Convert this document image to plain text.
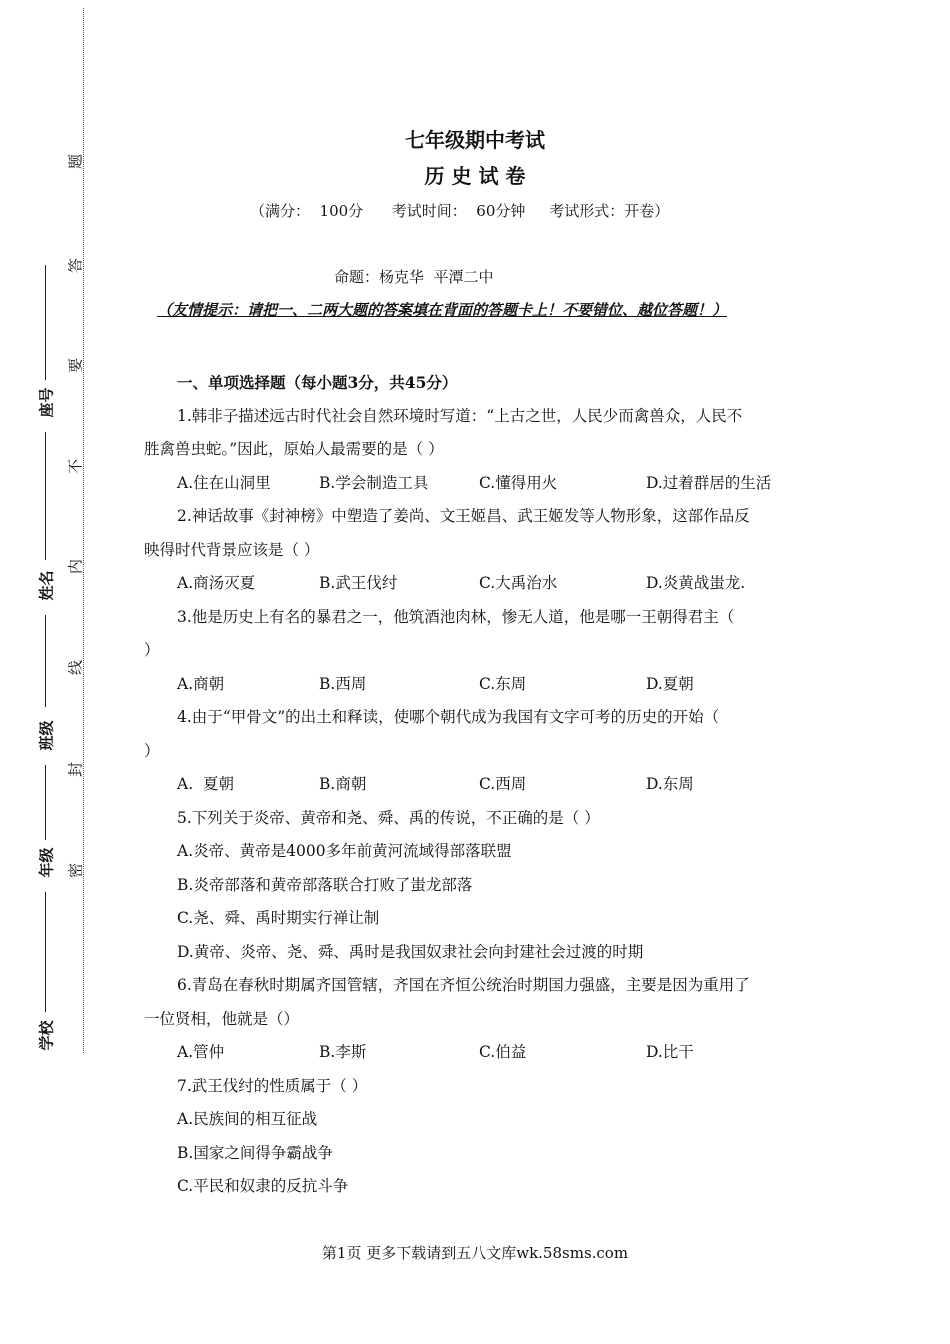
题
答
要
不
内
线
封
密
座号
姓名
班级
年级
学校
七年级期中考试
历 史 试 卷
（满分：  100分      考试时间：  60分钟     考试形式：开卷）
命题：杨克华  平潭二中
（友情提示：请把一、二两大题的答案填在背面的答题卡上！不要错位、越位答题！）
一、单项选择题（每小题3分，共45分）
1.韩非子描述远古时代社会自然环境时写道：“上古之世，人民少而禽兽众，人民不
胜禽兽虫蛇。”因此，原始人最需要的是（ ）
A.住在山洞里	B.学会制造工具	C.懂得用火	D.过着群居的生活
2.神话故事《封神榜》中塑造了姜尚、文王姬昌、武王姬发等人物形象，这部作品反
映得时代背景应该是（ ）
A.商汤灭夏	B.武王伐纣	C.大禹治水	D.炎黄战蚩龙.
3.他是历史上有名的暴君之一，他筑酒池肉林，惨无人道，他是哪一王朝得君主（
）
A.商朝	B.西周	C.东周	D.夏朝
4.由于“甲骨文”的出土和释读，使哪个朝代成为我国有文字可考的历史的开始（
）
A.  夏朝	B.商朝	C.西周	D.东周
5.下列关于炎帝、黄帝和尧、舜、禹的传说，不正确的是（ ）
A.炎帝、黄帝是4000多年前黄河流域得部落联盟
B.炎帝部落和黄帝部落联合打败了蚩龙部落
C.尧、舜、禹时期实行禅让制
D.黄帝、炎帝、尧、舜、禹时是我国奴隶社会向封建社会过渡的时期
6.青岛在春秋时期属齐国管辖，齐国在齐恒公统治时期国力强盛，主要是因为重用了
一位贤相，他就是（）
A.管仲	B.李斯	C.伯益	D.比干
7.武王伐纣的性质属于（ ）
A.民族间的相互征战
B.国家之间得争霸战争
C.平民和奴隶的反抗斗争
第1页 更多下载请到五八文库wk.58sms.com
